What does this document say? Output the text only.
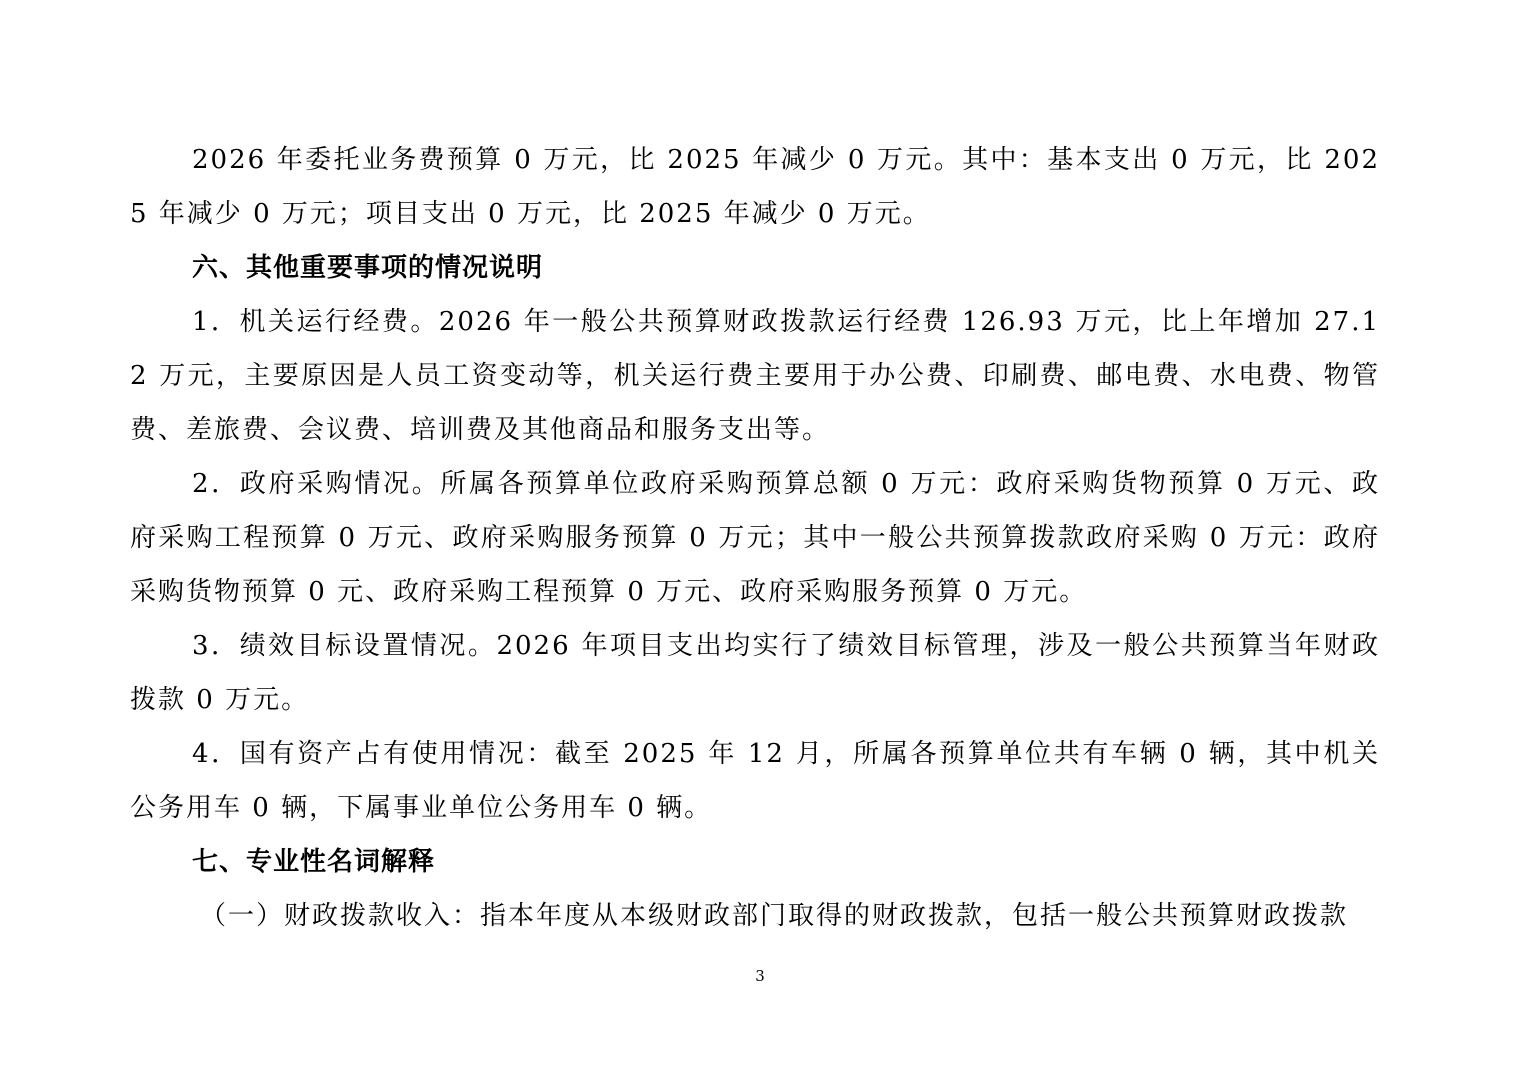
2026 年委托业务费预算 0 万元，比 2025 年减少 0 万元。其中：基本支出 0 万元，比 2025 年减少 0 万元；项目支出 0 万元，比 2025 年减少 0 万元。

六、其他重要事项的情况说明

1．机关运行经费。2026 年一般公共预算财政拨款运行经费 126.93 万元，比上年增加 27.12 万元，主要原因是人员工资变动等，机关运行费主要用于办公费、印刷费、邮电费、水电费、物管费、差旅费、会议费、培训费及其他商品和服务支出等。

2．政府采购情况。所属各预算单位政府采购预算总额 0 万元：政府采购货物预算 0 万元、政府采购工程预算 0 万元、政府采购服务预算 0 万元；其中一般公共预算拨款政府采购 0 万元：政府采购货物预算 0 元、政府采购工程预算 0 万元、政府采购服务预算 0 万元。

3．绩效目标设置情况。2026 年项目支出均实行了绩效目标管理，涉及一般公共预算当年财政拨款 0 万元。

4．国有资产占有使用情况：截至 2025 年 12 月，所属各预算单位共有车辆 0 辆，其中机关公务用车 0 辆，下属事业单位公务用车 0 辆。

七、专业性名词解释

（一）财政拨款收入：指本年度从本级财政部门取得的财政拨款，包括一般公共预算财政拨款

3
